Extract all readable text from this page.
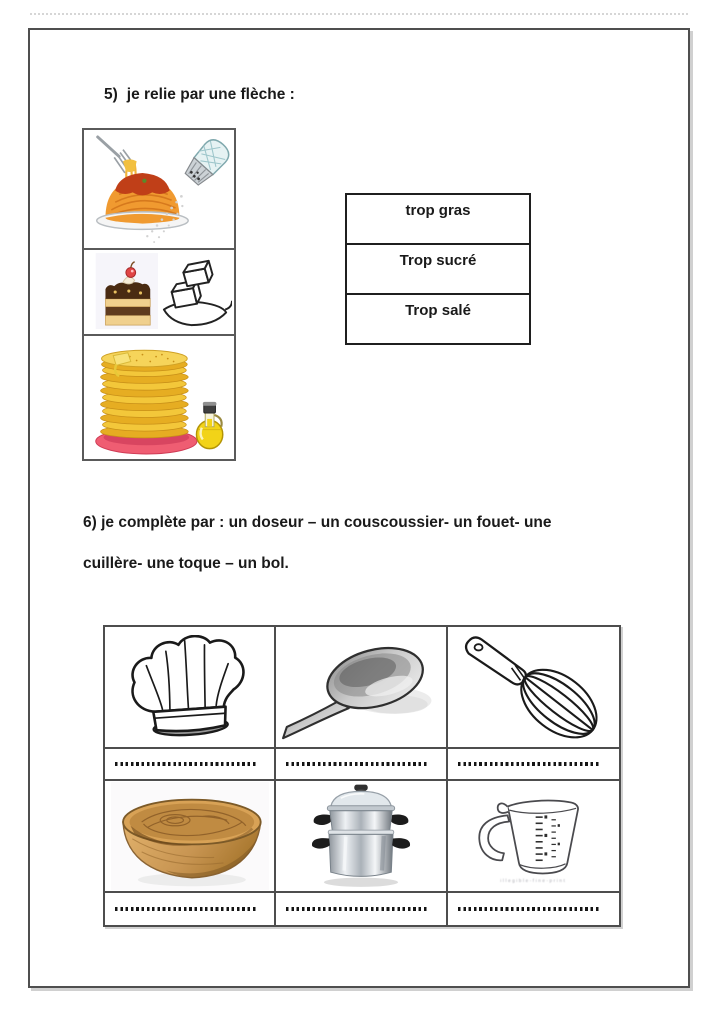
5) je relie par une flèche :
trop gras
Trop sucré
Trop salé
6) je complète par : un doseur – un couscoussier- un fouet- une
cuillère- une toque – un bol.
illegible-fine-print
